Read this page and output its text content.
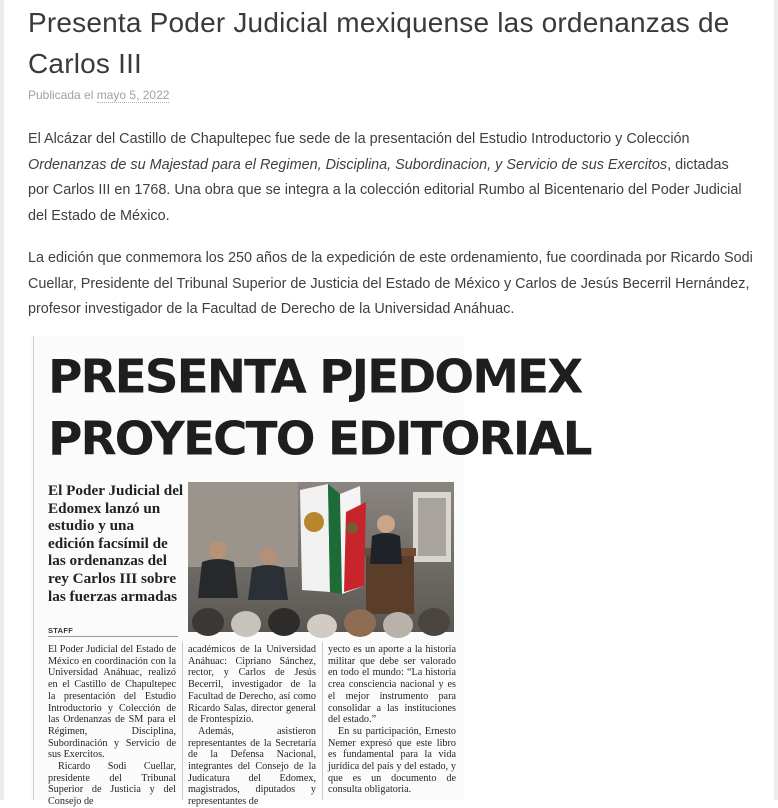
Presenta Poder Judicial mexiquense las ordenanzas de Carlos III
Publicada el mayo 5, 2022

El Alcázar del Castillo de Chapultepec fue sede de la presentación del Estudio Introductorio y Colección Ordenanzas de su Majestad para el Regimen, Disciplina, Subordinacion, y Servicio de sus Exercitos, dictadas por Carlos III en 1768. Una obra que se integra a la colección editorial Rumbo al Bicentenario del Poder Judicial del Estado de México.

La edición que conmemora los 250 años de la expedición de este ordenamiento, fue coordinada por Ricardo Sodi Cuellar, Presidente del Tribunal Superior de Justicia del Estado de México y Carlos de Jesús Becerril Hernández, profesor investigador de la Facultad de Derecho de la Universidad Anáhuac.

PRESENTA PJEDOMEX
PROYECTO EDITORIAL

El Poder Judicial del Edomex lanzó un estudio y una edición facsímil de las ordenanzas del rey Carlos III sobre las fuerzas armadas

STAFF

El Poder Judicial del Estado de México en coordinación con la Universidad Anáhuac, realizó en el Castillo de Chapultepec la presentación del Estudio Introductorio y Colección de las Ordenanzas de SM para el Régimen, Disciplina, Subordinación y Servicio de sus Exercitos.

Ricardo Sodi Cuellar, presidente del Tribunal Superior de Justicia y del Consejo de

académicos de la Universidad Anáhuac: Cipriano Sánchez, rector, y Carlos de Jesús Becerril, investigador de la Facultad de Derecho, así como Ricardo Salas, director general de Frontespizio.

Además, asistieron representantes de la Secretaría de la Defensa Nacional, integrantes del Consejo de la Judicatura del Edomex, magistrados, diputados y representantes de

yecto es un aporte a la historia militar que debe ser valorado en todo el mundo: “La historia crea consciencia nacional y es el mejor instrumento para consolidar a las instituciones del estado.”

En su participación, Ernesto Nemer expresó que este libro es fundamental para la vida jurídica del país y del estado, y que es un documento de consulta obligatoria.
